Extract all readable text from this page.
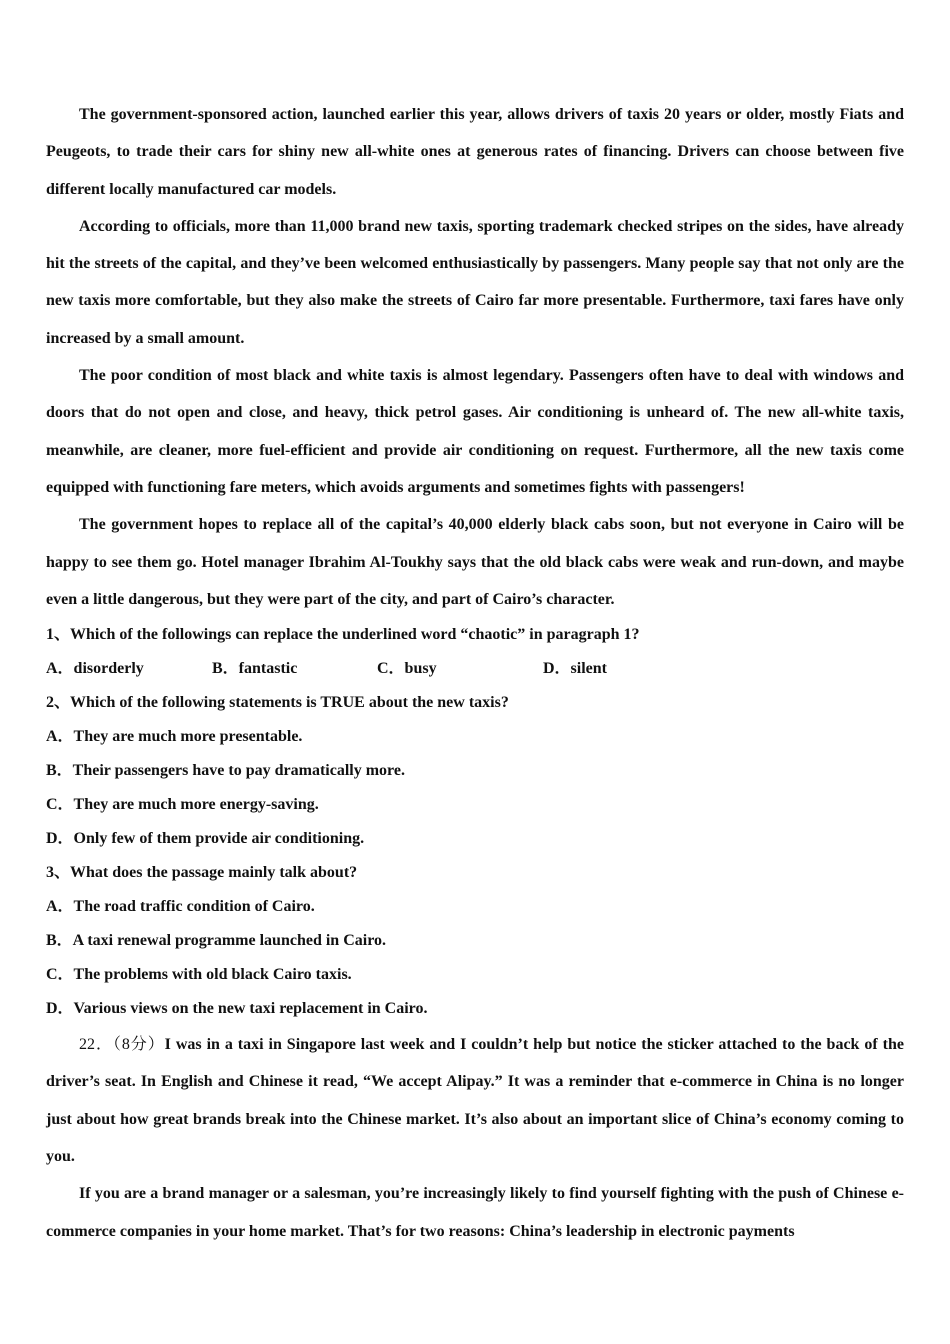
The government-sponsored action, launched earlier this year, allows drivers of taxis 20 years or older, mostly Fiats and Peugeots, to trade their cars for shiny new all-white ones at generous rates of financing. Drivers can choose between five different locally manufactured car models.

According to officials, more than 11,000 brand new taxis, sporting trademark checked stripes on the sides, have already hit the streets of the capital, and they’ve been welcomed enthusiastically by passengers. Many people say that not only are the new taxis more comfortable, but they also make the streets of Cairo far more presentable. Furthermore, taxi fares have only increased by a small amount.

The poor condition of most black and white taxis is almost legendary. Passengers often have to deal with windows and doors that do not open and close, and heavy, thick petrol gases. Air conditioning is unheard of. The new all-white taxis, meanwhile, are cleaner, more fuel-efficient and provide air conditioning on request. Furthermore, all the new taxis come equipped with functioning fare meters, which avoids arguments and sometimes fights with passengers!

The government hopes to replace all of the capital’s 40,000 elderly black cabs soon, but not everyone in Cairo will be happy to see them go. Hotel manager Ibrahim Al-Toukhy says that the old black cabs were weak and run-down, and maybe even a little dangerous, but they were part of the city, and part of Cairo’s character.

1、Which of the followings can replace the underlined word “chaotic” in paragraph 1?
A．disorderly	B．fantastic	C．busy	D．silent
2、Which of the following statements is TRUE about the new taxis?
A．They are much more presentable.
B．Their passengers have to pay dramatically more.
C．They are much more energy-saving.
D．Only few of them provide air conditioning.
3、What does the passage mainly talk about?
A．The road traffic condition of Cairo.
B．A taxi renewal programme launched in Cairo.
C．The problems with old black Cairo taxis.
D．Various views on the new taxi replacement in Cairo.

22．（8分）I was in a taxi in Singapore last week and I couldn’t help but notice the sticker attached to the back of the driver’s seat. In English and Chinese it read, “We accept Alipay.” It was a reminder that e-commerce in China is no longer just about how great brands break into the Chinese market. It’s also about an important slice of China’s economy coming to you.

If you are a brand manager or a salesman, you’re increasingly likely to find yourself fighting with the push of Chinese e-commerce companies in your home market. That’s for two reasons: China’s leadership in electronic payments
